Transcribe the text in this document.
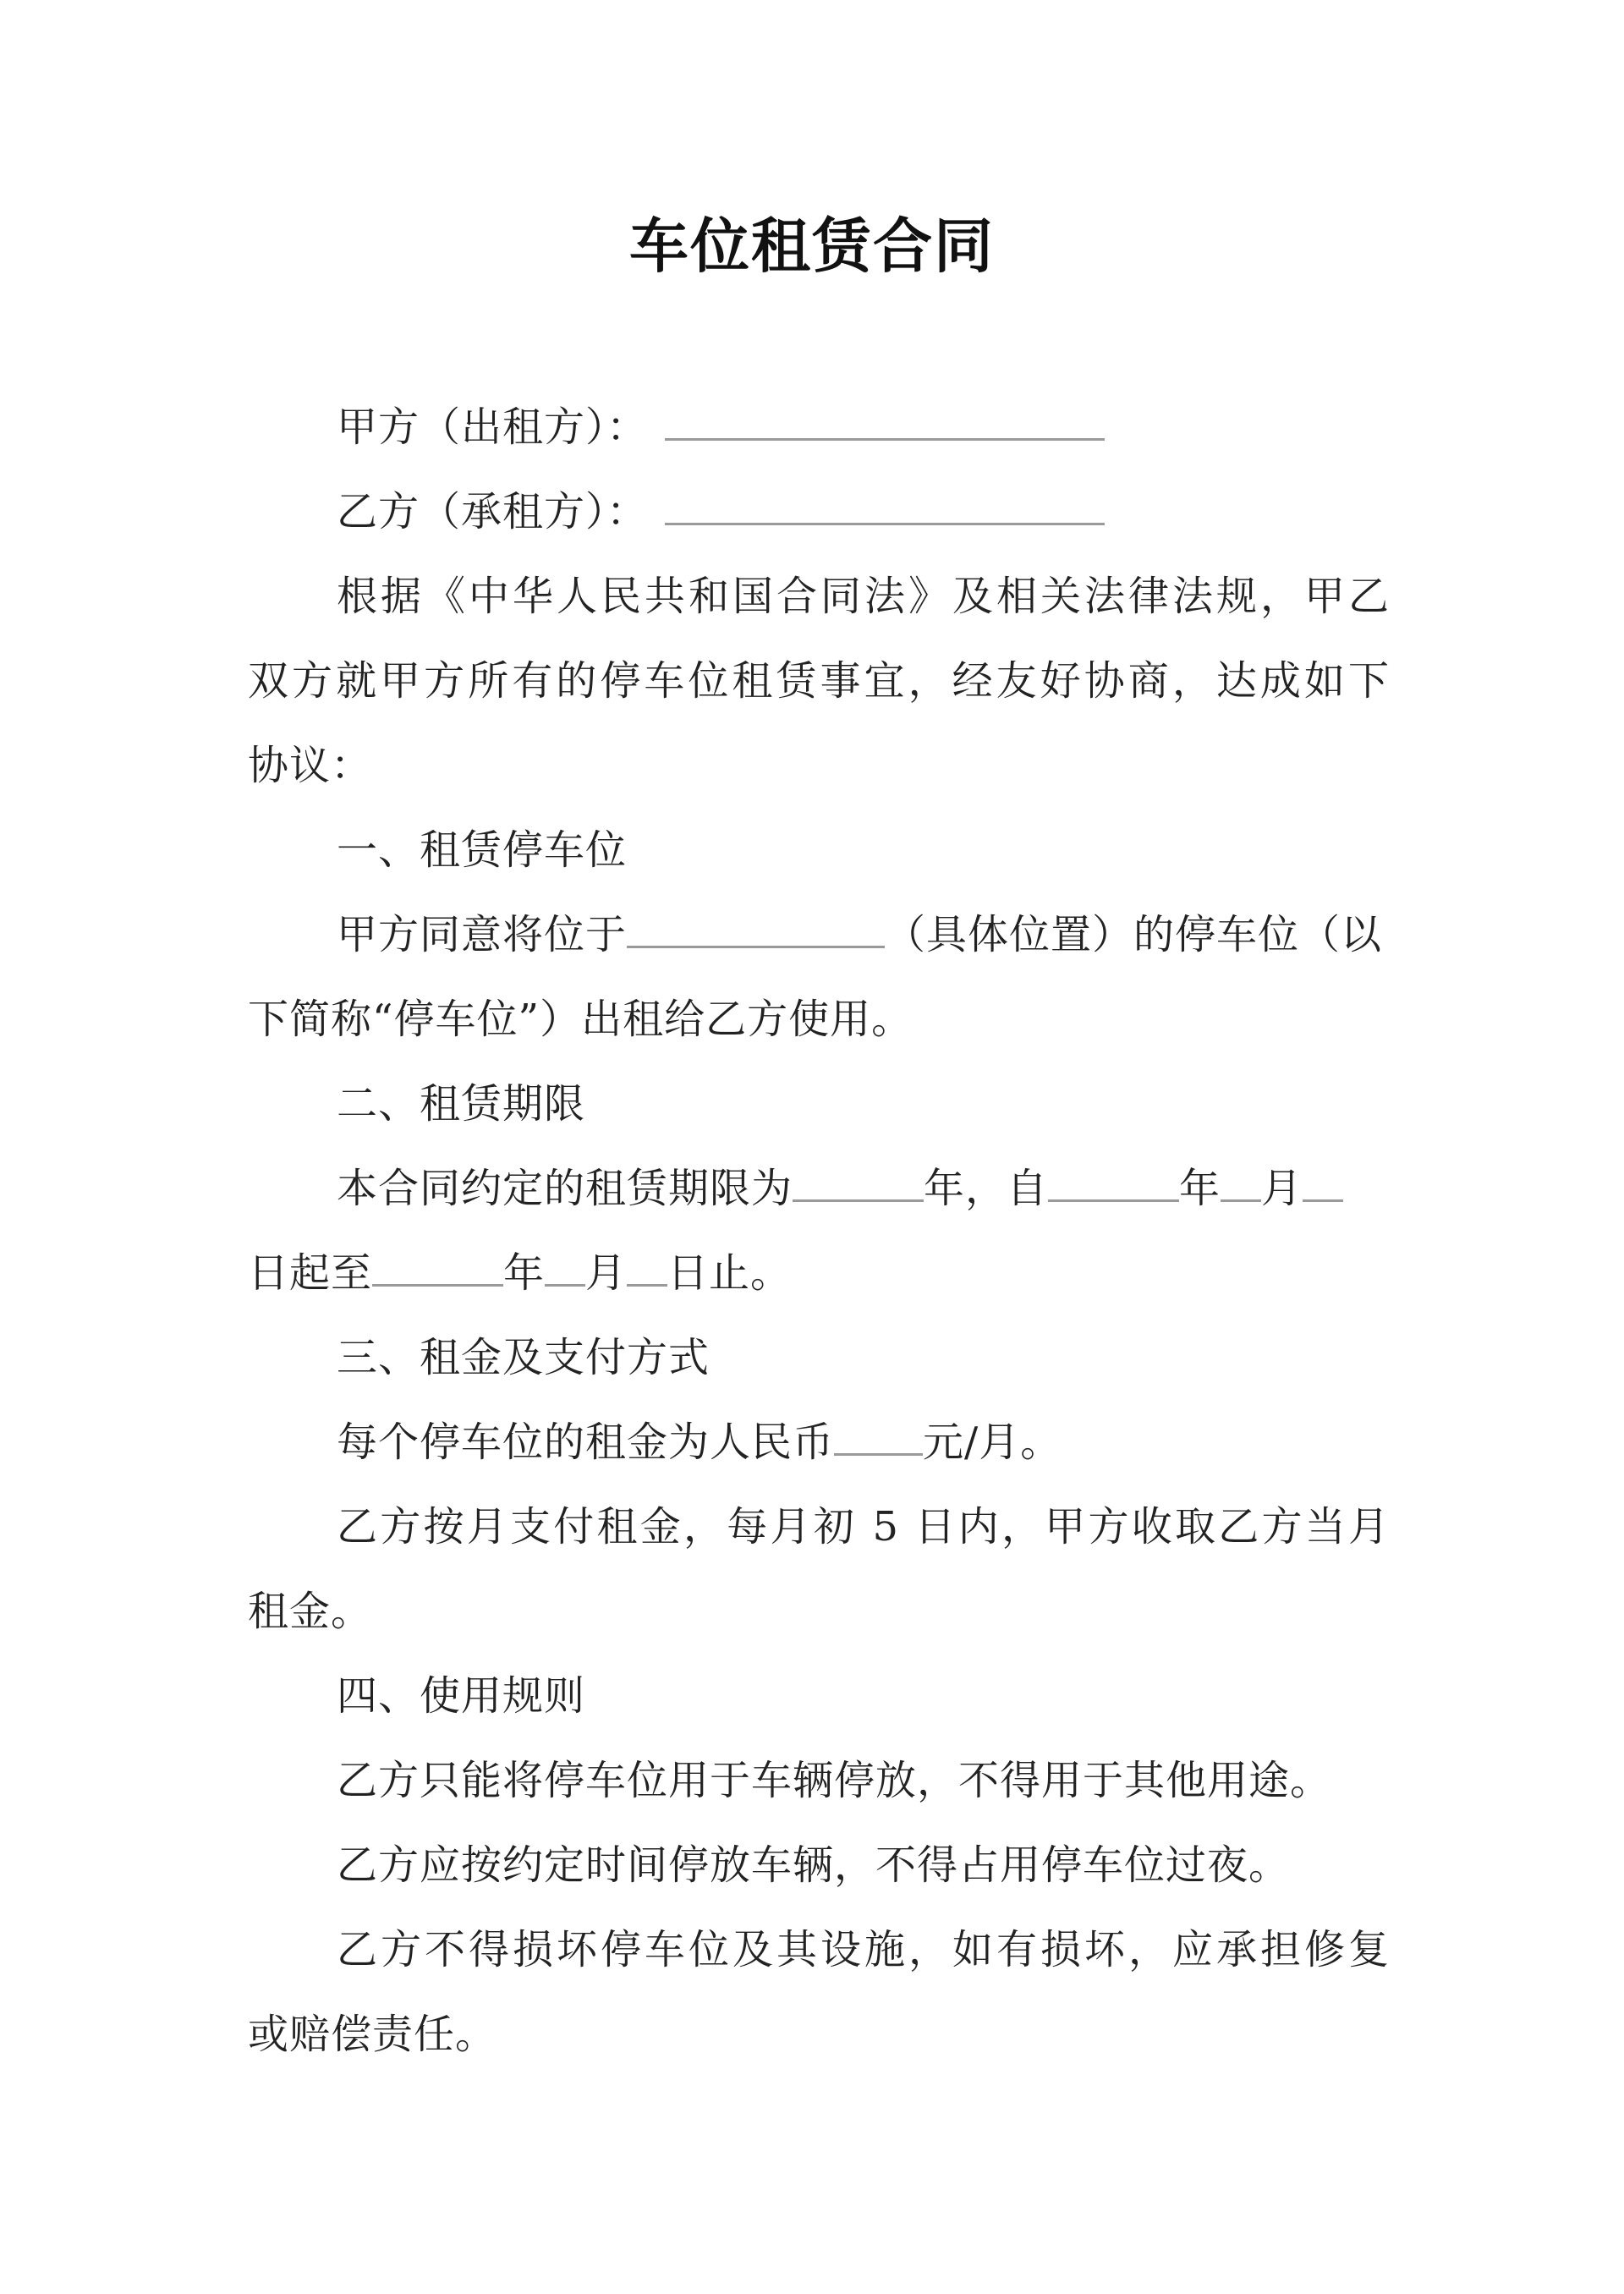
车位租赁合同
甲方（出租方）：
乙方（承租方）：
根据《中华人民共和国合同法》及相关法律法规，甲乙
双方就甲方所有的停车位租赁事宜，经友好协商，达成如下
协议：
一、租赁停车位
甲方同意将位于	（具体位置）的停车位（以
下简称“停车位”）出租给乙方使用。
二、租赁期限
本合同约定的租赁期限为	年，自	年 月
日起至	年 月 日止。
三、租金及支付方式
每个停车位的租金为人民币 元/月。
乙方按月支付租金，每月初 5 日内，甲方收取乙方当月
租金。
四、使用规则
乙方只能将停车位用于车辆停放，不得用于其他用途。
乙方应按约定时间停放车辆，不得占用停车位过夜。
乙方不得损坏停车位及其设施，如有损坏，应承担修复
或赔偿责任。
